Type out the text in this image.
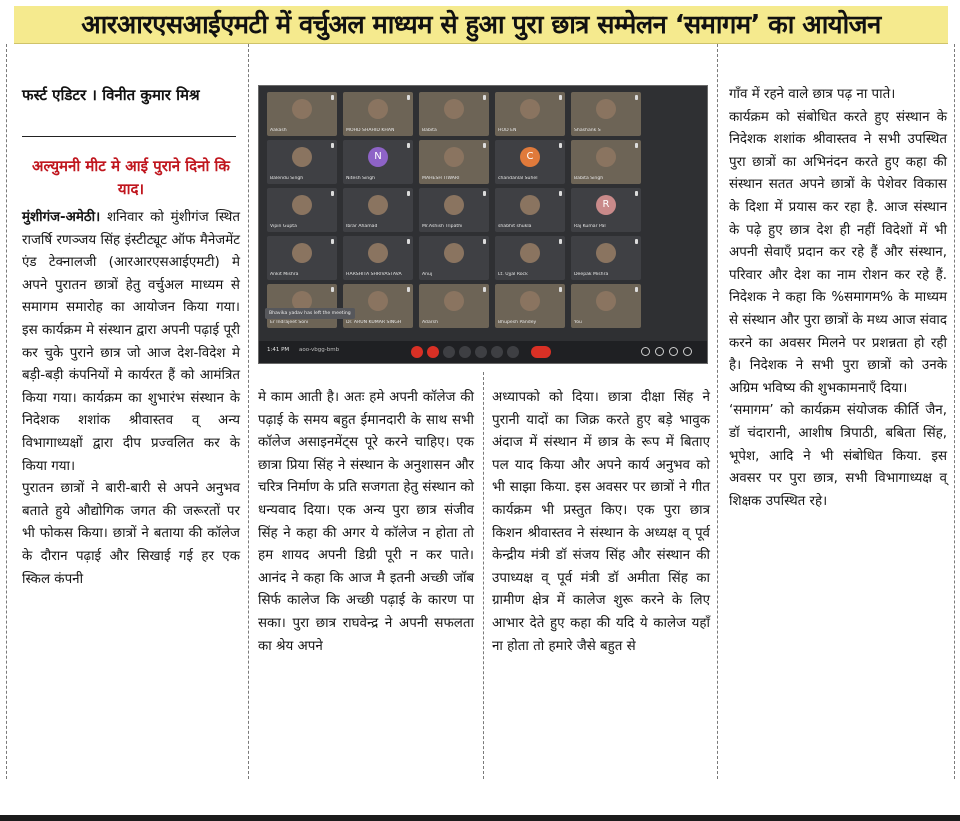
आरआरएसआईएमटी में वर्चुअल माध्यम से हुआ पुरा छात्र सम्मेलन ‘समागम’ का आयोजन
फर्स्ट एडिटर । विनीत कुमार मिश्र
अल्युमनी मीट मे आई पुराने दिनो कि याद।

मुंशीगंज-अमेठी। शनिवार को मुंशीगंज स्थित राजर्षि रणञ्जय सिंह इंस्टीट्यूट ऑफ मैनेजमेंट एंड टेक्नालजी (आरआरएसआईएमटी) मे अपने पुरातन छात्रों हेतु वर्चुअल माध्यम से समागम समारोह का आयोजन किया गया। इस कार्यक्रम मे संस्थान द्वारा अपनी पढ़ाई पूरी कर चुके पुराने छात्र जो आज देश-विदेश मे बड़ी-बड़ी कंपनियों मे कार्यरत हैं को आमंत्रित किया गया। कार्यक्रम का शुभारंभ संस्थान के निदेशक शशांक श्रीवास्तव व् अन्य विभागाध्यक्षों द्वारा दीप प्रज्वलित कर के किया गया।

पुरातन छात्रों ने बारी-बारी से अपने अनुभव बताते हुये औद्योगिक जगत की जरूरतों पर भी फोकस किया। छात्रों ने बताया की कॉलेज के दौरान पढ़ाई और सिखाई गई हर एक स्किल कंपनी

मे काम आती है। अतः हमे अपनी कॉलेज की पढ़ाई के समय बहुत ईमानदारी के साथ सभी कॉलेज असाइनमेंट्स पूरे करने चाहिए। एक छात्रा प्रिया सिंह ने संस्थान के अनुशासन और चरित्र निर्माण के प्रति सजगता हेतु संस्थान को धन्यवाद दिया। एक अन्य पुरा छात्र संजीव सिंह ने कहा की अगर ये कॉलेज न होता तो हम शायद अपनी डिग्री पूरी न कर पाते। आनंद ने कहा कि आज मै इतनी अच्छी जॉब सिर्फ कालेज कि अच्छी पढ़ाई के कारण पा सका। पुरा छात्र राघवेन्द्र ने अपनी सफलता का श्रेय अपने

अध्यापको को दिया। छात्रा दीक्षा सिंह ने पुरानी यादों का जिक्र करते हुए बड़े भावुक अंदाज में संस्थान में छात्र के रूप में बिताए पल याद किया और अपने कार्य अनुभव को भी साझा किया. इस अवसर पर छात्रों ने गीत कार्यक्रम भी प्रस्तुत किए। एक पुरा छात्र किशन श्रीवास्तव ने संस्थान के अध्यक्ष व् पूर्व केन्द्रीय मंत्री डॉ संजय सिंह और संस्थान की उपाध्यक्ष व् पूर्व मंत्री डॉ अमीता सिंह का ग्रामीण क्षेत्र में कालेज शुरू करने के लिए आभार देते हुए कहा की यदि ये कालेज यहाँ ना होता तो हमारे जैसे बहुत से

गाँव में रहने वाले छात्र पढ़ ना पाते।

कार्यक्रम को संबोधित करते हुए संस्थान के निदेशक शशांक श्रीवास्तव ने सभी उपस्थित पुरा छात्रों का अभिनंदन करते हुए कहा की संस्थान सतत अपने छात्रों के पेशेवर विकास के दिशा में प्रयास कर रहा है. आज संस्थान के पढ़े हुए छात्र देश ही नहीं विदेशों में भी अपनी सेवाएँ प्रदान कर रहे हैं और संस्थान, परिवार और देश का नाम रोशन कर रहे हैं. निदेशक ने कहा कि %समागम% के माध्यम से संस्थान और पुरा छात्रों के मध्य आज संवाद करने का अवसर मिलने पर प्रशन्नता हो रही है। निदेशक ने सभी पुरा छात्रों को उनके अग्रिम भविष्य की शुभकामनाएँ दिया।

‘समागम’ को कार्यक्रम संयोजक कीर्ति जैन, डॉ चंदारानी, आशीष त्रिपाठी, बबिता सिंह, भूपेश, आदि ने भी संबोधित किया. इस अवसर पर पुरा छात्र, सभी विभागाध्यक्ष व् शिक्षक उपस्थित रहे।

Aakash	MOHD SHAHID KHAN	Babita	HOD EN	Shashank S
Balendu Singh
N
Nitesh Singh	MAHESH TIWARI
C
chandanlal Suhel	Babita Singh
Vipin Gupta	Ibrar Ahamad	Mr.Ashish Tripathi	shabhit shukla
R
Raj Kumar Pal
Ankit Mishra	HARSHITA SHRIVASTAVA	Anuj	Lt. Ujjal Rock	Deepak Mishra
Er Indrajeet Soni	Dr. ARUN KUMAR SINGH	Adarsh	Bhupesh Pandey	You
Bhavika yadav has left the meeting
1:41 PM aoo-vbgg-bmb
